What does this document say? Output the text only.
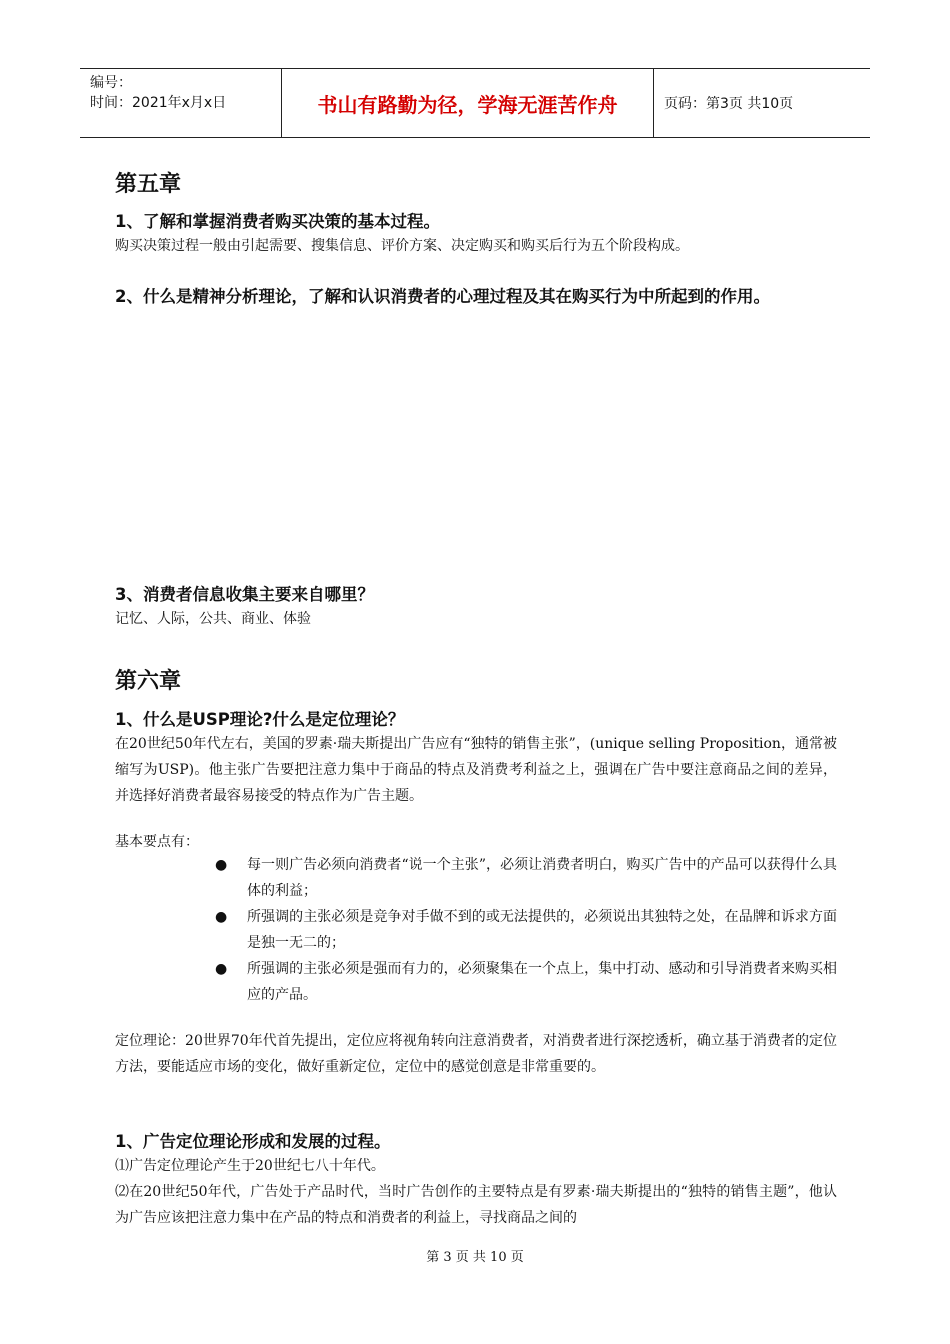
编号：
时间：2021年x月x日	书山有路勤为径，学海无涯苦作舟	页码：第3页 共10页
第五章

1、了解和掌握消费者购买决策的基本过程。

购买决策过程一般由引起需要、搜集信息、评价方案、决定购买和购买后行为五个阶段构成。

2、什么是精神分析理论，了解和认识消费者的心理过程及其在购买行为中所起到的作用。

3、消费者信息收集主要来自哪里？

记忆、人际，公共、商业、体验

第六章

1、什么是USP理论?什么是定位理论？

在20世纪50年代左右，美国的罗素·瑞夫斯提出广告应有“独特的销售主张”，(unique selling Proposition，通常被缩写为USP)。他主张广告要把注意力集中于商品的特点及消费考利益之上，强调在广告中要注意商品之间的差异，并选择好消费者最容易接受的特点作为广告主题。

基本要点有：

● 每一则广告必须向消费者“说一个主张”，必须让消费者明白，购买广告中的产品可以获得什么具体的利益；
● 所强调的主张必须是竞争对手做不到的或无法提供的，必须说出其独特之处，在品牌和诉求方面是独一无二的；
● 所强调的主张必须是强而有力的，必须聚集在一个点上，集中打动、感动和引导消费者来购买相应的产品。

定位理论：20世界70年代首先提出，定位应将视角转向注意消费者，对消费者进行深挖透析，确立基于消费者的定位方法，要能适应市场的变化，做好重新定位，定位中的感觉创意是非常重要的。

1、广告定位理论形成和发展的过程。

⑴广告定位理论产生于20世纪七八十年代。

⑵在20世纪50年代，广告处于产品时代，当时广告创作的主要特点是有罗素·瑞夫斯提出的“独特的销售主题”，他认为广告应该把注意力集中在产品的特点和消费者的利益上，寻找商品之间的

第 3 页 共 10 页
